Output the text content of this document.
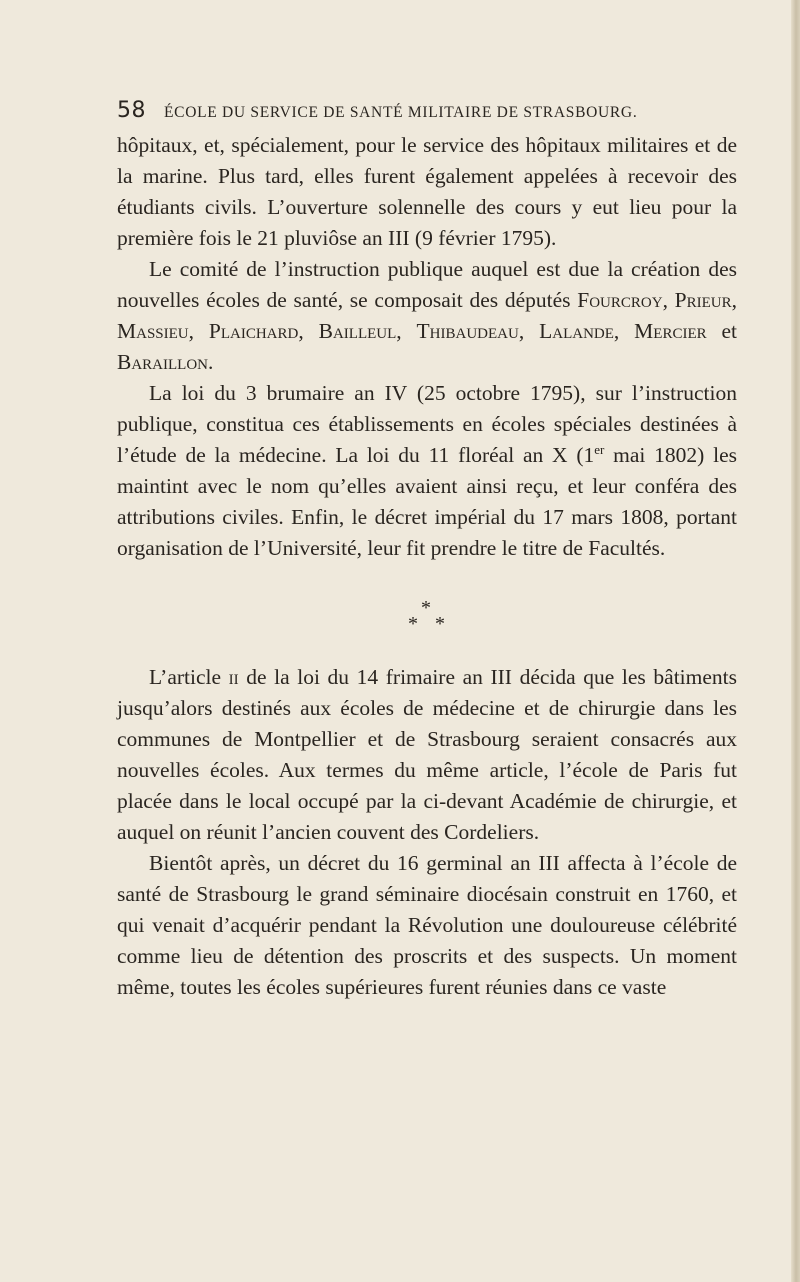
58 ÉCOLE DU SERVICE DE SANTÉ MILITAIRE DE STRASBOURG.

hôpitaux, et, spécialement, pour le service des hôpitaux militaires et de la marine. Plus tard, elles furent également appelées à recevoir des étudiants civils. L’ouverture solennelle des cours y eut lieu pour la première fois le 21 pluviôse an III (9 février 1795).

Le comité de l’instruction publique auquel est due la création des nouvelles écoles de santé, se composait des députés Fourcroy, Prieur, Massieu, Plaichard, Bailleul, Thibaudeau, Lalande, Mercier et Baraillon.

La loi du 3 brumaire an IV (25 octobre 1795), sur l’instruction publique, constitua ces établissements en écoles spéciales destinées à l’étude de la médecine. La loi du 11 floréal an X (1er mai 1802) les maintint avec le nom qu’elles avaient ainsi reçu, et leur conféra des attributions civiles. Enfin, le décret impérial du 17 mars 1808, portant organisation de l’Université, leur fit prendre le titre de Facultés.

*
* *

L’article ii de la loi du 14 frimaire an III décida que les bâtiments jusqu’alors destinés aux écoles de médecine et de chirurgie dans les communes de Montpellier et de Strasbourg seraient consacrés aux nouvelles écoles. Aux termes du même article, l’école de Paris fut placée dans le local occupé par la ci-devant Académie de chirurgie, et auquel on réunit l’ancien couvent des Cordeliers.

Bientôt après, un décret du 16 germinal an III affecta à l’école de santé de Strasbourg le grand séminaire diocésain construit en 1760, et qui venait d’acquérir pendant la Révolution une douloureuse célébrité comme lieu de détention des proscrits et des suspects. Un moment même, toutes les écoles supérieures furent réunies dans ce vaste
